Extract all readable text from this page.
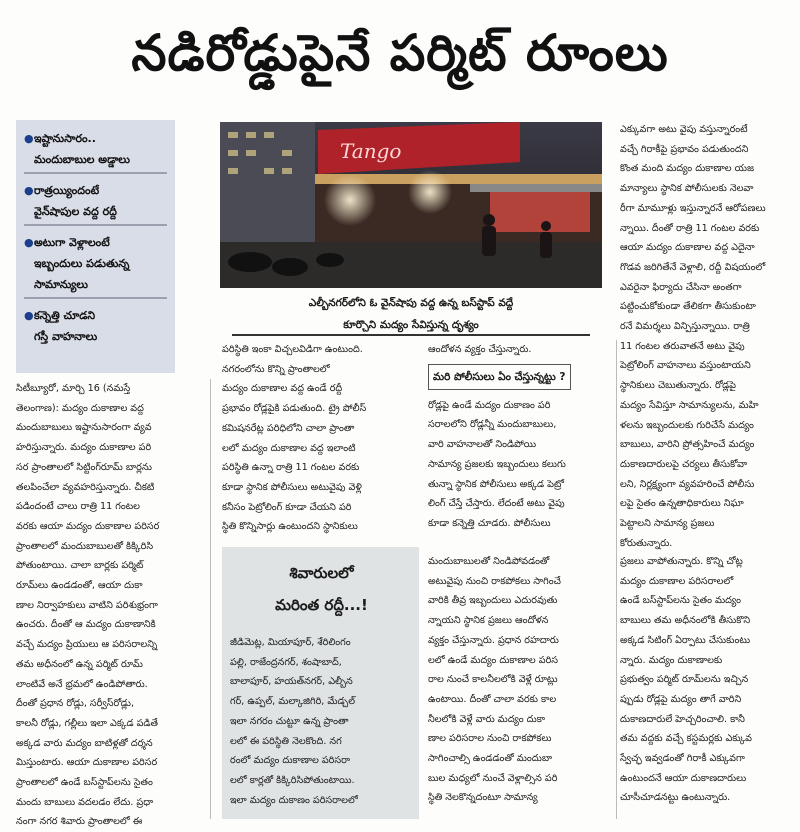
నడిరోడ్డుపైనే పర్మిట్ రూంలు
● ఇష్టానుసారం..
మందుబాబుల అడ్డాలు
● రాత్రయ్యిందంటే
వైన్‌షాపుల వద్ద రద్దీ
● అటుగా వెళ్లాలంటే
ఇబ్బందులు పడుతున్న
సామాన్యులు
● కన్నెత్తి చూడని
గస్తీ వాహనాలు
సిటీబ్యూరో, మార్చి 16 (నమస్తే
తెలంగాణ): మద్యం దుకాణాల వద్ద
మందుబాబులు ఇష్టానుసారంగా వ్యవ
హరిస్తున్నారు. మద్యం దుకాణాల పరి
సర ప్రాంతాలలో సిట్టింగ్‌రూమ్ బార్లను
తలపించేలా వ్యవహరిస్తున్నారు. చీకటి
పడిందంటే చాలు రాత్రి 11 గంటల
వరకు ఆయా మద్యం దుకాణాల పరిసర
ప్రాంతాలలో మందుబాబులతో కిక్కిరిసి
పోతుంటాయి. చాలా బార్లకు పర్మిట్
రూమ్‌లు ఉండడంతో, ఆయా దుకా
ణాల నిర్వాహకులు వాటిని పరిశుభ్రంగా
ఉంచరు. దీంతో ఆ మద్యం దుకాణానికి
వచ్చే మద్యం ప్రియులు ఆ పరిసరాలన్ని
తమ అధీనంలో ఉన్న పర్మిట్ రూమ్
లాంటివే అనే భ్రమలో ఉండిపోతారు.
దీంతో ప్రధాన రోడ్లు, సర్వీస్‌రోడ్లు,
కాలనీ రోడ్లు, గల్లీలు ఇలా ఎక్కడ పడితే
అక్కడ వారు మద్యం బాటిళ్లతో దర్శన
మిస్తుంటారు. ఆయా దుకాణాల పరిసర
ప్రాంతాలలో ఉండే బస్‌స్టాప్‌లను సైతం
మందు బాబులు వదలడం లేదు. ప్రధా
నంగా నగర శివారు ప్రాంతాలలో ఈ
Tango
ఎల్బీనగర్‌లోని ఓ వైన్‌షాపు వద్ద ఉన్న బస్‌స్టాప్ వద్దే
కూర్చొని మద్యం సేవిస్తున్న దృశ్యం
పరిస్థితి ఇంకా విచ్చలవిడిగా ఉంటుంది.
నగరంలోను కొన్ని ప్రాంతాలలో
మద్యం దుకాణాల వద్ద ఉండే రద్దీ
ప్రభావం రోడ్లపైకి పడుతుంది. ట్రై పోలీస్
కమిషనరేట్ల పరిధిలోని చాలా ప్రాంతా
లలో మద్యం దుకాణాల వద్ద ఇలాంటి
పరిస్థితి ఉన్నా రాత్రి 11 గంటల వరకు
కూడా స్థానిక పోలీసులు అటువైపు వెళ్లి
కనీసం పెట్రోలింగ్ కూడా చేయని పరి
స్థితి కొన్నిసార్లు ఉంటుందని స్థానికులు
ఆందోళన వ్యక్తం చేస్తున్నారు.
మరి పోలీసులు ఏం చేస్తున్నట్టు ?
రోడ్లపై ఉండే మద్యం దుకాణం పరి
సరాలలోని రోడ్లన్నీ మందుబాబులు,
వారి వాహనాలతో నిండిపోయి
సామాన్య ప్రజలకు ఇబ్బందులు కలుగు
తున్నా స్థానిక పోలీసులు అక్కడ పెట్రో
లింగ్ చేస్తే చేస్తారు. లేదంటే అటు వైపు
కూడా కన్నెత్తి చూడరు. పోలీసులు
ఎక్కువగా అటు వైపు వస్తున్నారంటే
వచ్చే గిరాకీపై ప్రభావం పడుతుందని
కొంత మంది మద్యం దుకాణాల యజ
మాన్యాలు స్థానిక పోలీసులకు నెలవా
రీగా మామూళ్లు ఇస్తున్నారనే ఆరోపణలు
న్నాయి. దీంతో రాత్రి 11 గంటల వరకు
ఆయా మద్యం దుకాణాల వద్ద ఎదైనా
గొడవ జరిగితేనే వెళ్లాలి, రద్దీ విషయంలో
ఎవరైనా ఫిర్యాదు చేసినా అంతగా
పట్టించుకోకుండా తేలికగా తీసుకుంటా
రనే విమర్శలు విన్పిస్తున్నాయి. రాత్రి
11 గంటల తరువాతనే అటు వైపు
పెట్రోలింగ్ వాహనాలు వస్తుంటాయని
స్థానికులు చెబుతున్నారు. రోడ్లపై
మద్యం సేవిస్తూ సామాన్యులను, మహి
ళలను ఇబ్బందులకు గురిచేసే మద్యం
బాబులు, వారిని ప్రోత్సహించే మద్యం
దుకాణదారులపై చర్యలు తీసుకోవా
లని, నిర్లక్ష్యంగా వ్యవహరించే పోలీసు
లపై సైతం ఉన్నతాధికారులు నిఘా
పెట్టాలని సామాన్య ప్రజలు
కోరుతున్నారు.
శివారులలో
మరింత రద్దీ...!
జీడిమెట్ల, మియాపూర్, శేరిలింగం
పల్లి, రాజేంద్రనగర్, శంషాబాద్,
బాలాపూర్, హయత్‌నగర్, ఎల్బీన
గర్, ఉప్పల్, మల్కాజిగిరి, మేడ్చల్
ఇలా నగరం చుట్టూ ఉన్న ప్రాంతా
లలో ఈ పరిస్థితి నెలకొంది. నగ
రంలో మద్యం దుకాణాల పరిసరా
లలో కార్లతో కిక్కిరిసిపోతుంటాయి.
ఇలా మద్యం దుకాణం పరిసరాలలో
మందుబాబులతో నిండిపోవడంతో
అటువైపు నుంచి రాకపోకలు సాగించే
వారికి తీవ్ర ఇబ్బందులు ఎదురవుతు
న్నాయని స్థానిక ప్రజలు ఆందోళన
వ్యక్తం చేస్తున్నారు. ప్రధాన రహదారు
లలో ఉండే మద్యం దుకాణాల పరిస
రాల నుంచే కాలనీలలోకి వెళ్లే రూట్లు
ఉంటాయి. దీంతో చాలా వరకు కాల
నీలలోకి వెళ్లే వారు మద్యం దుకా
ణాల పరిసరాల నుంచి రాకపోకలు
సాగించాల్సి ఉండడంతో మందుబా
బుల మధ్యలో నుంచే వెళ్లాల్సిన పరి
స్థితి నెలకొన్నదంటూ సామాన్య
ప్రజలు వాపోతున్నారు. కొన్ని చోట్ల
మద్యం దుకాణాల పరిసరాలలో
ఉండే బస్‌స్టాప్‌లను సైతం మద్యం
బాబులు తమ అధీనంలోకి తీసుకొని
అక్కడ సిటింగ్ ఏర్పాటు చేసుకుంటు
న్నారు. మద్యం దుకాణాలకు
ప్రభుత్వం పర్మిట్ రూమ్‌లను ఇచ్చిన
ప్పుడు రోడ్లపై మద్యం తాగే వారిని
దుకాణదారులే హెచ్చరించాలి. కానీ
తమ వద్దకు వచ్చే కస్టమర్లకు ఎక్కువ
స్వేచ్ఛ ఇవ్వడంతో గిరాకీ ఎక్కువగా
ఉంటుందనే ఆయా దుకాణదారులు
చూసీచూడనట్టు ఉంటున్నారు.
